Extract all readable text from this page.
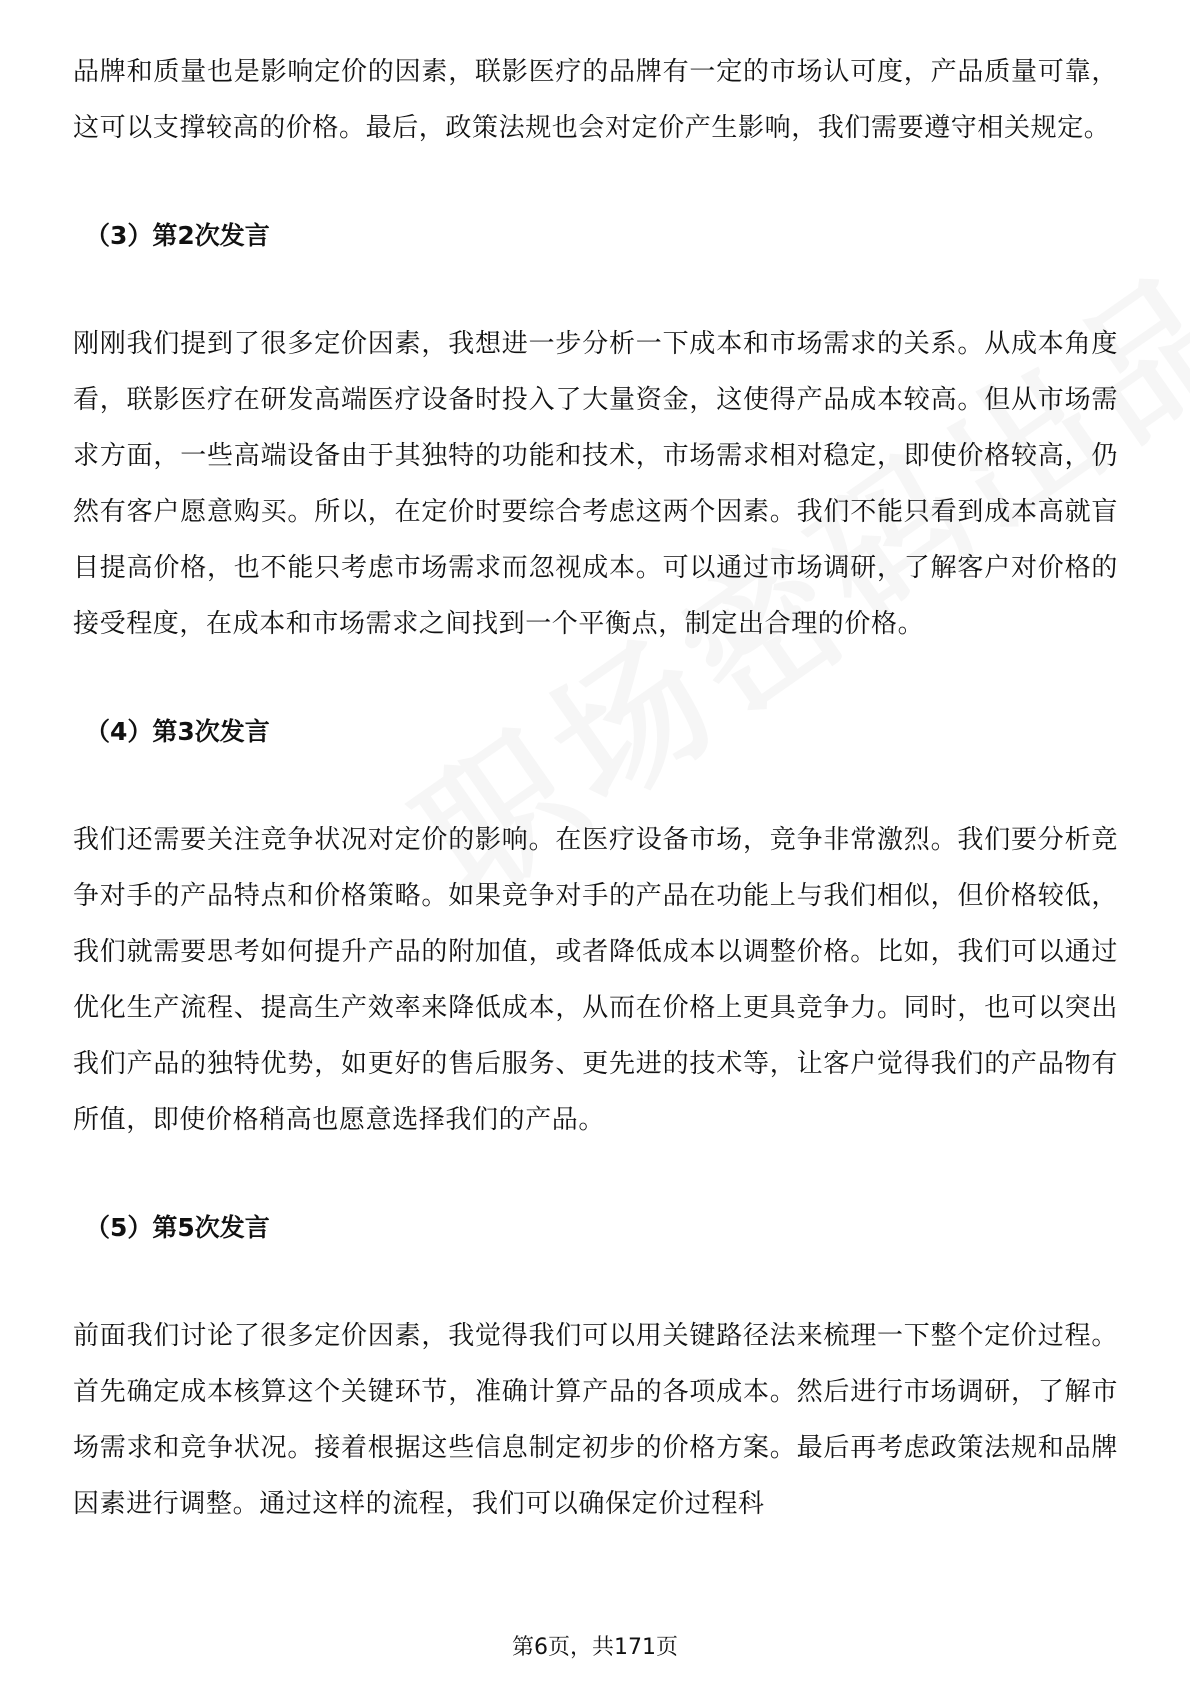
品牌和质量也是影响定价的因素，联影医疗的品牌有一定的市场认可度，产品质量可靠，这可以支撑较高的价格。最后，政策法规也会对定价产生影响，我们需要遵守相关规定。

（3）第2次发言

刚刚我们提到了很多定价因素，我想进一步分析一下成本和市场需求的关系。从成本角度看，联影医疗在研发高端医疗设备时投入了大量资金，这使得产品成本较高。但从市场需求方面，一些高端设备由于其独特的功能和技术，市场需求相对稳定，即使价格较高，仍然有客户愿意购买。所以，在定价时要综合考虑这两个因素。我们不能只看到成本高就盲目提高价格，也不能只考虑市场需求而忽视成本。可以通过市场调研，了解客户对价格的接受程度，在成本和市场需求之间找到一个平衡点，制定出合理的价格。

（4）第3次发言

我们还需要关注竞争状况对定价的影响。在医疗设备市场，竞争非常激烈。我们要分析竞争对手的产品特点和价格策略。如果竞争对手的产品在功能上与我们相似，但价格较低，我们就需要思考如何提升产品的附加值，或者降低成本以调整价格。比如，我们可以通过优化生产流程、提高生产效率来降低成本，从而在价格上更具竞争力。同时，也可以突出我们产品的独特优势，如更好的售后服务、更先进的技术等，让客户觉得我们的产品物有所值，即使价格稍高也愿意选择我们的产品。

（5）第5次发言

前面我们讨论了很多定价因素，我觉得我们可以用关键路径法来梳理一下整个定价过程。首先确定成本核算这个关键环节，准确计算产品的各项成本。然后进行市场调研，了解市场需求和竞争状况。接着根据这些信息制定初步的价格方案。最后再考虑政策法规和品牌因素进行调整。通过这样的流程，我们可以确保定价过程科

第6页，共171页
